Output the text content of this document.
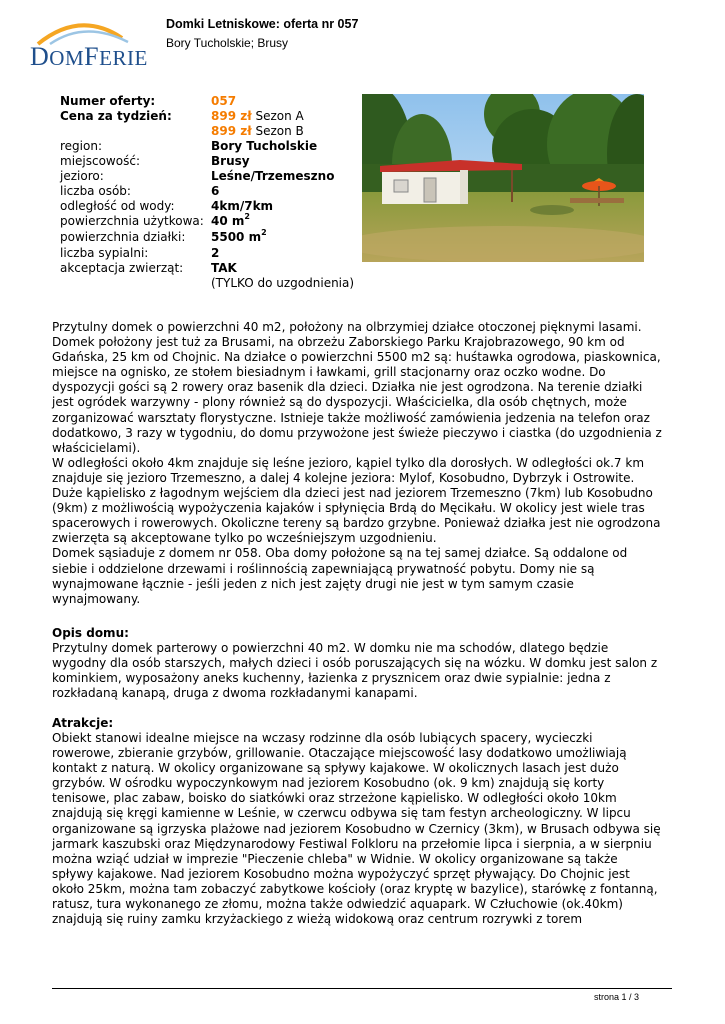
DOMFERIE
Domki Letniskowe: oferta nr 057
Bory Tucholskie; Brusy
Numer oferty:	057
Cena za tydzień:	899 zł Sezon A
899 zł Sezon B
region:	Bory Tucholskie
miejscowość:	Brusy
jezioro:	Leśne/Trzemeszno
liczba osób:	6
odległość od wody:	4km/7km
powierzchnia użytkowa: 40 $m^2$
powierzchnia działki: 5500 $m^2$
liczba sypialni:	2
akceptacja zwierząt: TAK
(TYLKO do uzgodnienia)

Przytulny domek o powierzchni 40 m2, położony na olbrzymiej działce otoczonej pięknymi lasami.

Domek położony jest tuż za Brusami, na obrzeżu Zaborskiego Parku Krajobrazowego, 90 km od

Gdańska, 25 km od Chojnic. Na działce o powierzchni 5500 m2 są: huśtawka ogrodowa, piaskownica,

miejsce na ognisko, ze stołem biesiadnym i ławkami, grill stacjonarny oraz oczko wodne. Do

dyspozycji gości są 2 rowery oraz basenik dla dzieci. Działka nie jest ogrodzona. Na terenie działki

jest ogródek warzywny - plony również są do dyspozycji. Właścicielka, dla osób chętnych, może

zorganizować warsztaty florystyczne. Istnieje także możliwość zamówienia jedzenia na telefon oraz

dodatkowo, 3 razy w tygodniu, do domu przywożone jest świeże pieczywo i ciastka (do uzgodnienia z

właścicielami).

W odległości około 4km znajduje się leśne jezioro, kąpiel tylko dla dorosłych. W odległości ok.7 km

znajduje się jezioro Trzemeszno, a dalej 4 kolejne jeziora: Mylof, Kosobudno, Dybrzyk i Ostrowite.

Duże kąpielisko z łagodnym wejściem dla dzieci jest nad jeziorem Trzemeszno (7km) lub Kosobudno

(9km) z możliwością wypożyczenia kajaków i spłynięcia Brdą do Męcikału. W okolicy jest wiele tras

spacerowych i rowerowych. Okoliczne tereny są bardzo grzybne. Ponieważ działka jest nie ogrodzona

zwierzęta są akceptowane tylko po wcześniejszym uzgodnieniu.

Domek sąsiaduje z domem nr 058. Oba domy położone są na tej samej działce. Są oddalone od

siebie i oddzielone drzewami i roślinnością zapewniającą prywatność pobytu. Domy nie są

wynajmowane łącznie - jeśli jeden z nich jest zajęty drugi nie jest w tym samym czasie

wynajmowany.

Opis domu:

Przytulny domek parterowy o powierzchni 40 m2. W domku nie ma schodów, dlatego będzie

wygodny dla osób starszych, małych dzieci i osób poruszających się na wózku. W domku jest salon z

kominkiem, wyposażony aneks kuchenny, łazienka z prysznicem oraz dwie sypialnie: jedna z

rozkładaną kanapą, druga z dwoma rozkładanymi kanapami.

Atrakcje:

Obiekt stanowi idealne miejsce na wczasy rodzinne dla osób lubiących spacery, wycieczki

rowerowe, zbieranie grzybów, grillowanie. Otaczające miejscowość lasy dodatkowo umożliwiają

kontakt z naturą. W okolicy organizowane są spływy kajakowe. W okolicznych lasach jest dużo

grzybów. W ośrodku wypoczynkowym nad jeziorem Kosobudno (ok. 9 km) znajdują się korty

tenisowe, plac zabaw, boisko do siatkówki oraz strzeżone kąpielisko. W odległości około 10km

znajdują się kręgi kamienne w Leśnie, w czerwcu odbywa się tam festyn archeologiczny. W lipcu

organizowane są igrzyska plażowe nad jeziorem Kosobudno w Czernicy (3km), w Brusach odbywa się

jarmark kaszubski oraz Międzynarodowy Festiwal Folkloru na przełomie lipca i sierpnia, a w sierpniu

można wziąć udział w imprezie "Pieczenie chleba" w Widnie. W okolicy organizowane są także

spływy kajakowe. Nad jeziorem Kosobudno można wypożyczyć sprzęt pływający. Do Chojnic jest

około 25km, można tam zobaczyć zabytkowe kościoły (oraz kryptę w bazylice), starówkę z fontanną,

ratusz, tura wykonanego ze złomu, można także odwiedzić aquapark. W Człuchowie (ok.40km)

znajdują się ruiny zamku krzyżackiego z wieżą widokową oraz centrum rozrywki z torem

strona 1 / 3
